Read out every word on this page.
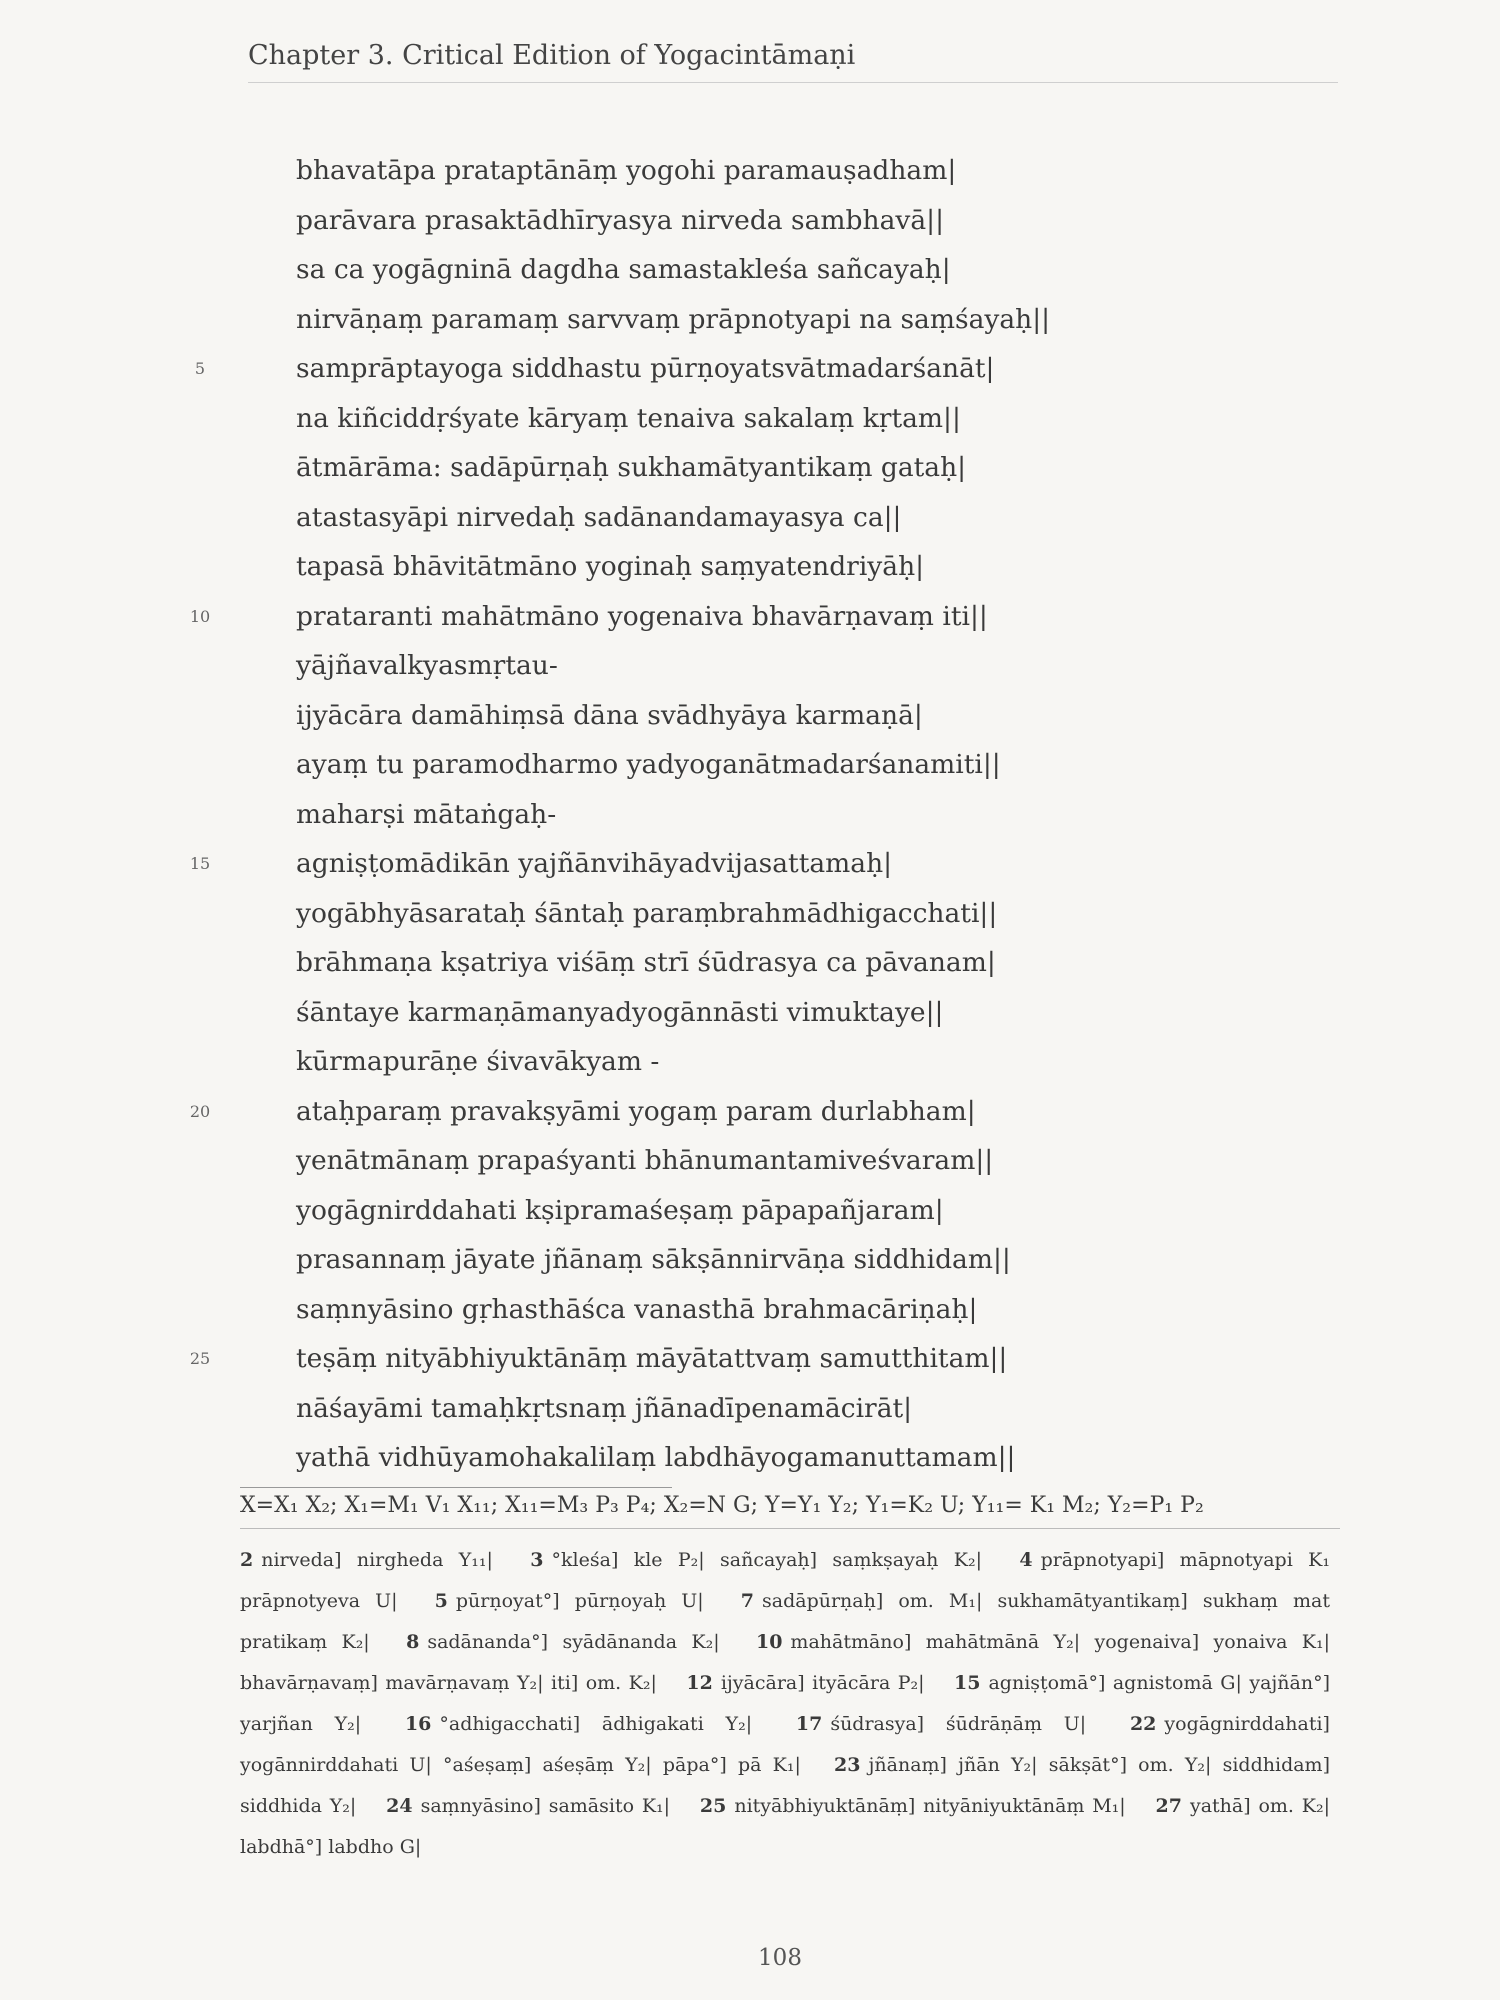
Chapter 3. Critical Edition of Yogacintāmaṇi
bhavatāpa prataptānāṃ yogohi paramauṣadham|
parāvara prasaktādhīryasya nirveda sambhavā||
sa ca yogāgninā dagdha samastakleśa sañcayaḥ|
nirvāṇaṃ paramaṃ sarvvaṃ prāpnotyapi na saṃśayaḥ||
5	samprāptayoga siddhastu pūrṇoyatsvātmadarśanāt|
na kiñciddṛśyate kāryaṃ tenaiva sakalaṃ kṛtam||
ātmārāma: sadāpūrṇaḥ sukhamātyantikaṃ gataḥ|
atastasyāpi nirvedaḥ sadānandamayasya ca||
tapasā bhāvitātmāno yoginaḥ saṃyatendriyāḥ|
10	prataranti mahātmāno yogenaiva bhavārṇavaṃ iti||
yājñavalkyasmṛtau-
ijyācāra damāhiṃsā dāna svādhyāya karmaṇā|
ayaṃ tu paramodharmo yadyoganātmadarśanamiti||
maharṣi mātaṅgaḥ-
15	agniṣṭomādikān yajñānvihāyadvijasattamaḥ|
yogābhyāsarataḥ śāntaḥ paraṃbrahmādhigacchati||
brāhmaṇa kṣatriya viśāṃ strī śūdrasya ca pāvanam|
śāntaye karmaṇāmanyadyogānnāsti vimuktaye||
kūrmapurāṇe śivavākyam -
20	ataḥparaṃ pravakṣyāmi yogaṃ param durlabham|
yenātmānaṃ prapaśyanti bhānumantamiveśvaram||
yogāgnirddahati kṣipramaśeṣaṃ pāpapañjaram|
prasannaṃ jāyate jñānaṃ sākṣānnirvāṇa siddhidam||
saṃnyāsino gṛhasthāśca vanasthā brahmacāriṇaḥ|
25	teṣāṃ nityābhiyuktānāṃ māyātattvaṃ samutthitam||
nāśayāmi tamaḥkṛtsnaṃ jñānadīpenamācirāt|
yathā vidhūyamohakalilaṃ labdhāyogamanuttamam||
X=X₁ X₂; X₁=M₁ V₁ X₁₁; X₁₁=M₃ P₃ P₄; X₂=N G; Y=Y₁ Y₂; Y₁=K₂ U; Y₁₁= K₁ M₂; Y₂=P₁ P₂
2 nirveda] nirgheda Y₁₁| 3 °kleśa] kle P₂| sañcayaḥ] saṃkṣayaḥ K₂| 4 prāpnotyapi] māpnotyapi K₁ prāpnotyeva U| 5 pūrṇoyat°] pūrṇoyaḥ U| 7 sadāpūrṇaḥ] om. M₁| sukhamātyantikaṃ] sukhaṃ mat pratikaṃ K₂| 8 sadānanda°] syādānanda K₂| 10 mahātmāno] mahātmānā Y₂| yogenaiva] yonaiva K₁| bhavārṇavaṃ] mavārṇavaṃ Y₂| iti] om. K₂| 12 ijyācāra] ityācāra P₂| 15 agniṣṭomā°] agnistomā G| yajñān°] yarjñan Y₂| 16 °adhigacchati] ādhigakati Y₂| 17 śūdrasya] śūdrāṇāṃ U| 22 yogāgnirddahati] yogānnirddahati U| °aśeṣaṃ] aśeṣāṃ Y₂| pāpa°] pā K₁| 23 jñānaṃ] jñān Y₂| sākṣāt°] om. Y₂| siddhidam] siddhida Y₂| 24 saṃnyāsino] samāsito K₁| 25 nityābhiyuktānāṃ] nityāniyuktānāṃ M₁| 27 yathā] om. K₂| labdhā°] labdho G|
108
